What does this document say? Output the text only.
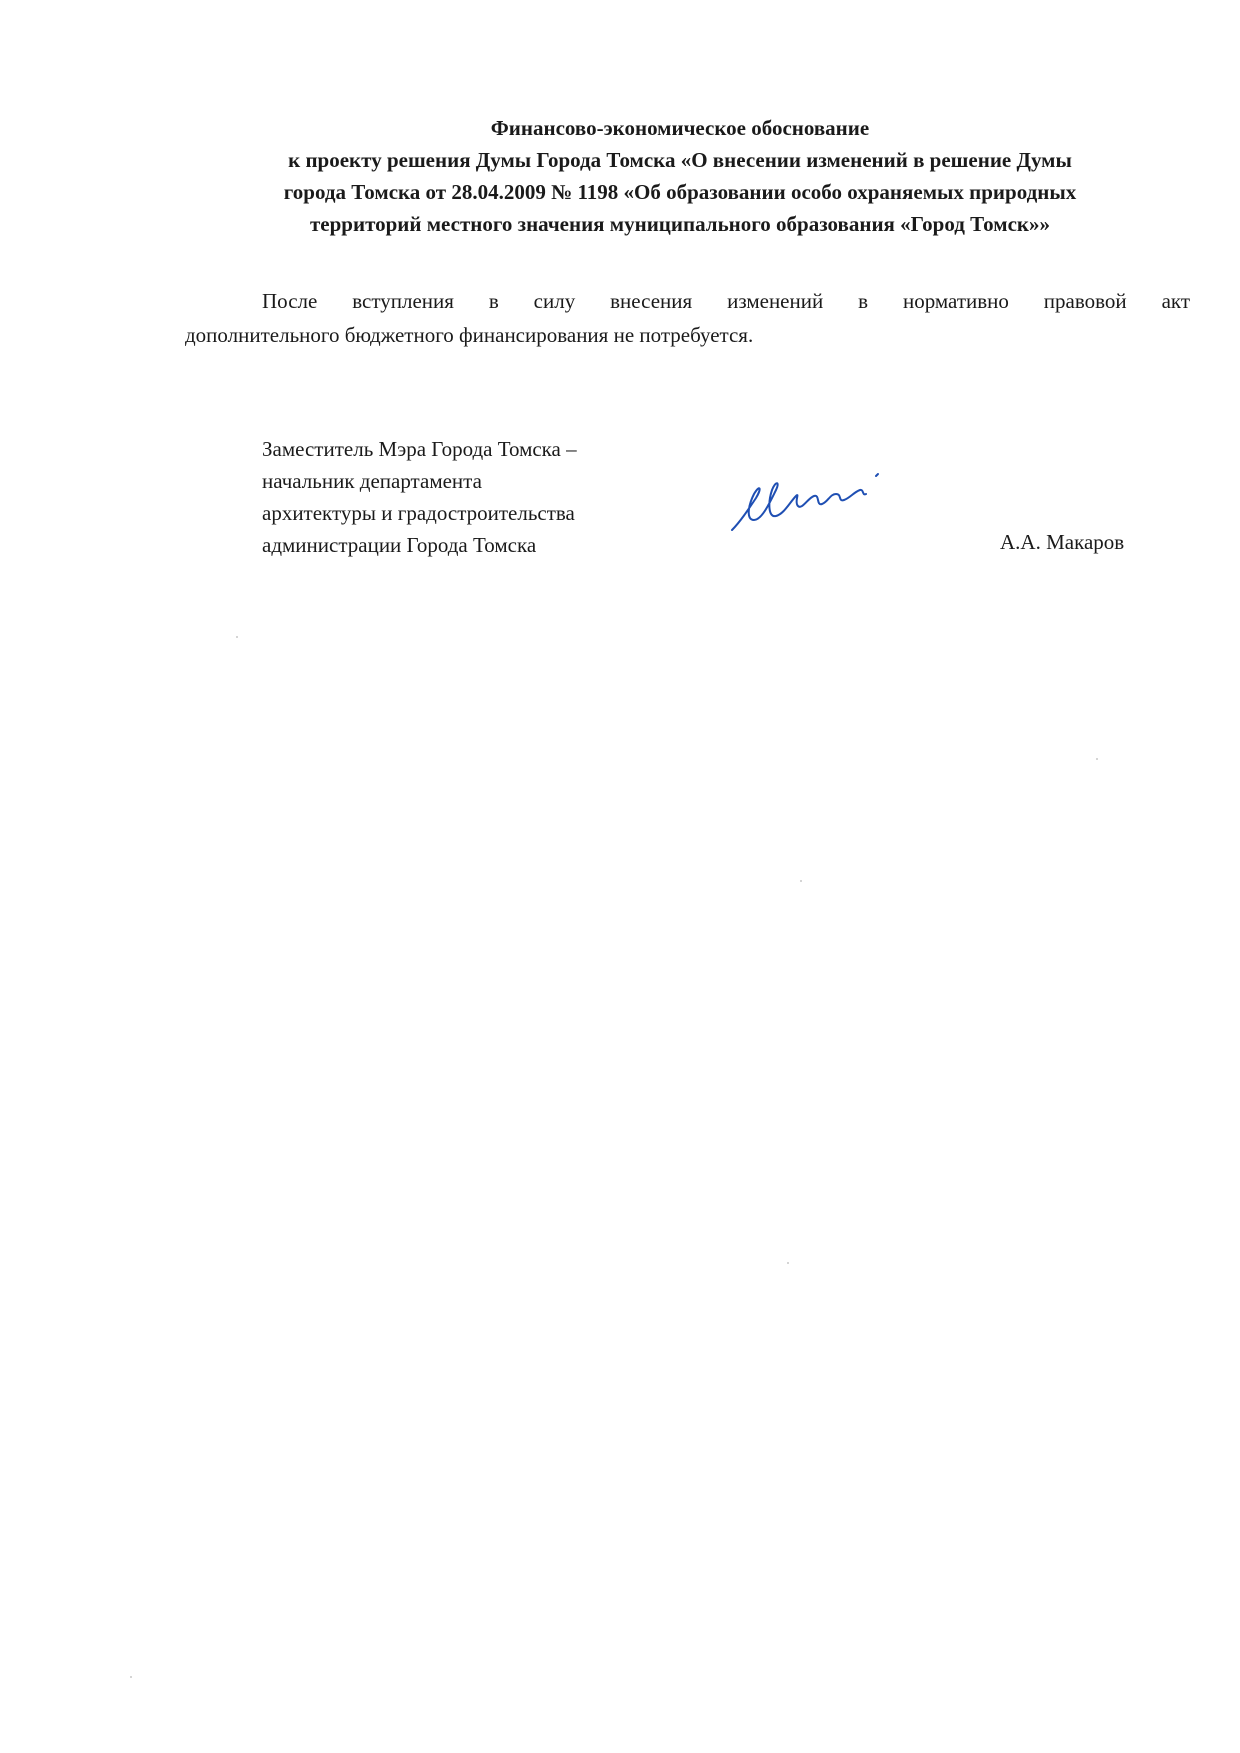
Финансово-экономическое обоснование
к проекту решения Думы Города Томска «О внесении изменений в решение Думы
города Томска от 28.04.2009 № 1198 «Об образовании особо охраняемых природных
территорий местного значения муниципального образования «Город Томск»»
После вступления в силу внесения изменений в нормативно правовой акт
дополнительного бюджетного финансирования не потребуется.
Заместитель Мэра Города Томска –
начальник департамента
архитектуры и градостроительства
администрации Города Томска	А.А. Макаров
